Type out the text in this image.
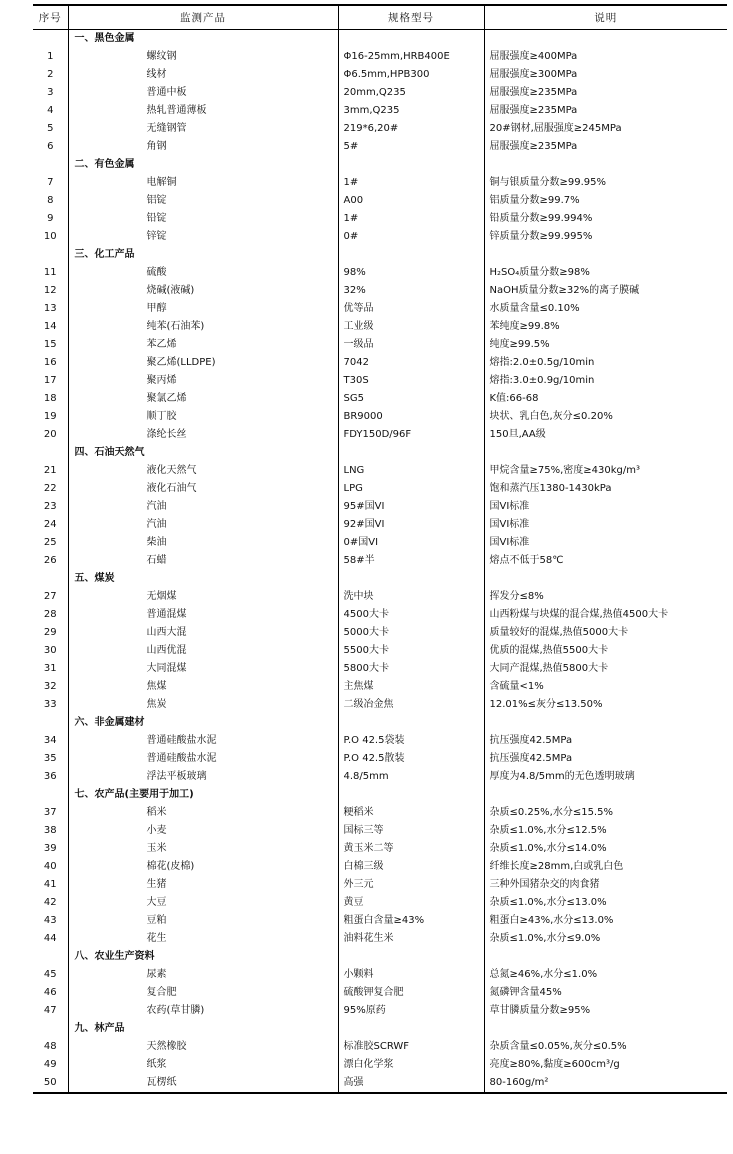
序号	监测产品	规格型号	说明
	一、黑色金属		
1	螺纹钢	Φ16-25mm,HRB400E	屈服强度≥400MPa
2	线材	Φ6.5mm,HPB300	屈服强度≥300MPa
3	普通中板	20mm,Q235	屈服强度≥235MPa
4	热轧普通薄板	3mm,Q235	屈服强度≥235MPa
5	无缝钢管	219*6,20#	20#钢材,屈服强度≥245MPa
6	角钢	5#	屈服强度≥235MPa
	二、有色金属		
7	电解铜	1#	铜与银质量分数≥99.95%
8	铝锭	A00	铝质量分数≥99.7%
9	铅锭	1#	铅质量分数≥99.994%
10	锌锭	0#	锌质量分数≥99.995%
	三、化工产品		
11	硫酸	98%	H₂SO₄质量分数≥98%
12	烧碱(液碱)	32%	NaOH质量分数≥32%的离子膜碱
13	甲醇	优等品	水质量含量≤0.10%
14	纯苯(石油苯)	工业级	苯纯度≥99.8%
15	苯乙烯	一级品	纯度≥99.5%
16	聚乙烯(LLDPE)	7042	熔指:2.0±0.5g/10min
17	聚丙烯	T30S	熔指:3.0±0.9g/10min
18	聚氯乙烯	SG5	K值:66-68
19	顺丁胶	BR9000	块状、乳白色,灰分≤0.20%
20	涤纶长丝	FDY150D/96F	150旦,AA级
	四、石油天然气		
21	液化天然气	LNG	甲烷含量≥75%,密度≥430kg/m³
22	液化石油气	LPG	饱和蒸汽压1380-1430kPa
23	汽油	95#国VI	国VI标准
24	汽油	92#国VI	国VI标准
25	柴油	0#国VI	国VI标准
26	石蜡	58#半	熔点不低于58℃
	五、煤炭		
27	无烟煤	洗中块	挥发分≤8%
28	普通混煤	4500大卡	山西粉煤与块煤的混合煤,热值4500大卡
29	山西大混	5000大卡	质量较好的混煤,热值5000大卡
30	山西优混	5500大卡	优质的混煤,热值5500大卡
31	大同混煤	5800大卡	大同产混煤,热值5800大卡
32	焦煤	主焦煤	含硫量<1%
33	焦炭	二级冶金焦	12.01%≤灰分≤13.50%
	六、非金属建材		
34	普通硅酸盐水泥	P.O 42.5袋装	抗压强度42.5MPa
35	普通硅酸盐水泥	P.O 42.5散装	抗压强度42.5MPa
36	浮法平板玻璃	4.8/5mm	厚度为4.8/5mm的无色透明玻璃
	七、农产品(主要用于加工)		
37	稻米	粳稻米	杂质≤0.25%,水分≤15.5%
38	小麦	国标三等	杂质≤1.0%,水分≤12.5%
39	玉米	黄玉米二等	杂质≤1.0%,水分≤14.0%
40	棉花(皮棉)	白棉三级	纤维长度≥28mm,白或乳白色
41	生猪	外三元	三种外国猪杂交的肉食猪
42	大豆	黄豆	杂质≤1.0%,水分≤13.0%
43	豆粕	粗蛋白含量≥43%	粗蛋白≥43%,水分≤13.0%
44	花生	油料花生米	杂质≤1.0%,水分≤9.0%
	八、农业生产资料		
45	尿素	小颗料	总氮≥46%,水分≤1.0%
46	复合肥	硫酸钾复合肥	氮磷钾含量45%
47	农药(草甘膦)	95%原药	草甘膦质量分数≥95%
	九、林产品		
48	天然橡胶	标准胶SCRWF	杂质含量≤0.05%,灰分≤0.5%
49	纸浆	漂白化学浆	亮度≥80%,黏度≥600cm³/g
50	瓦楞纸	高强	80-160g/m²
